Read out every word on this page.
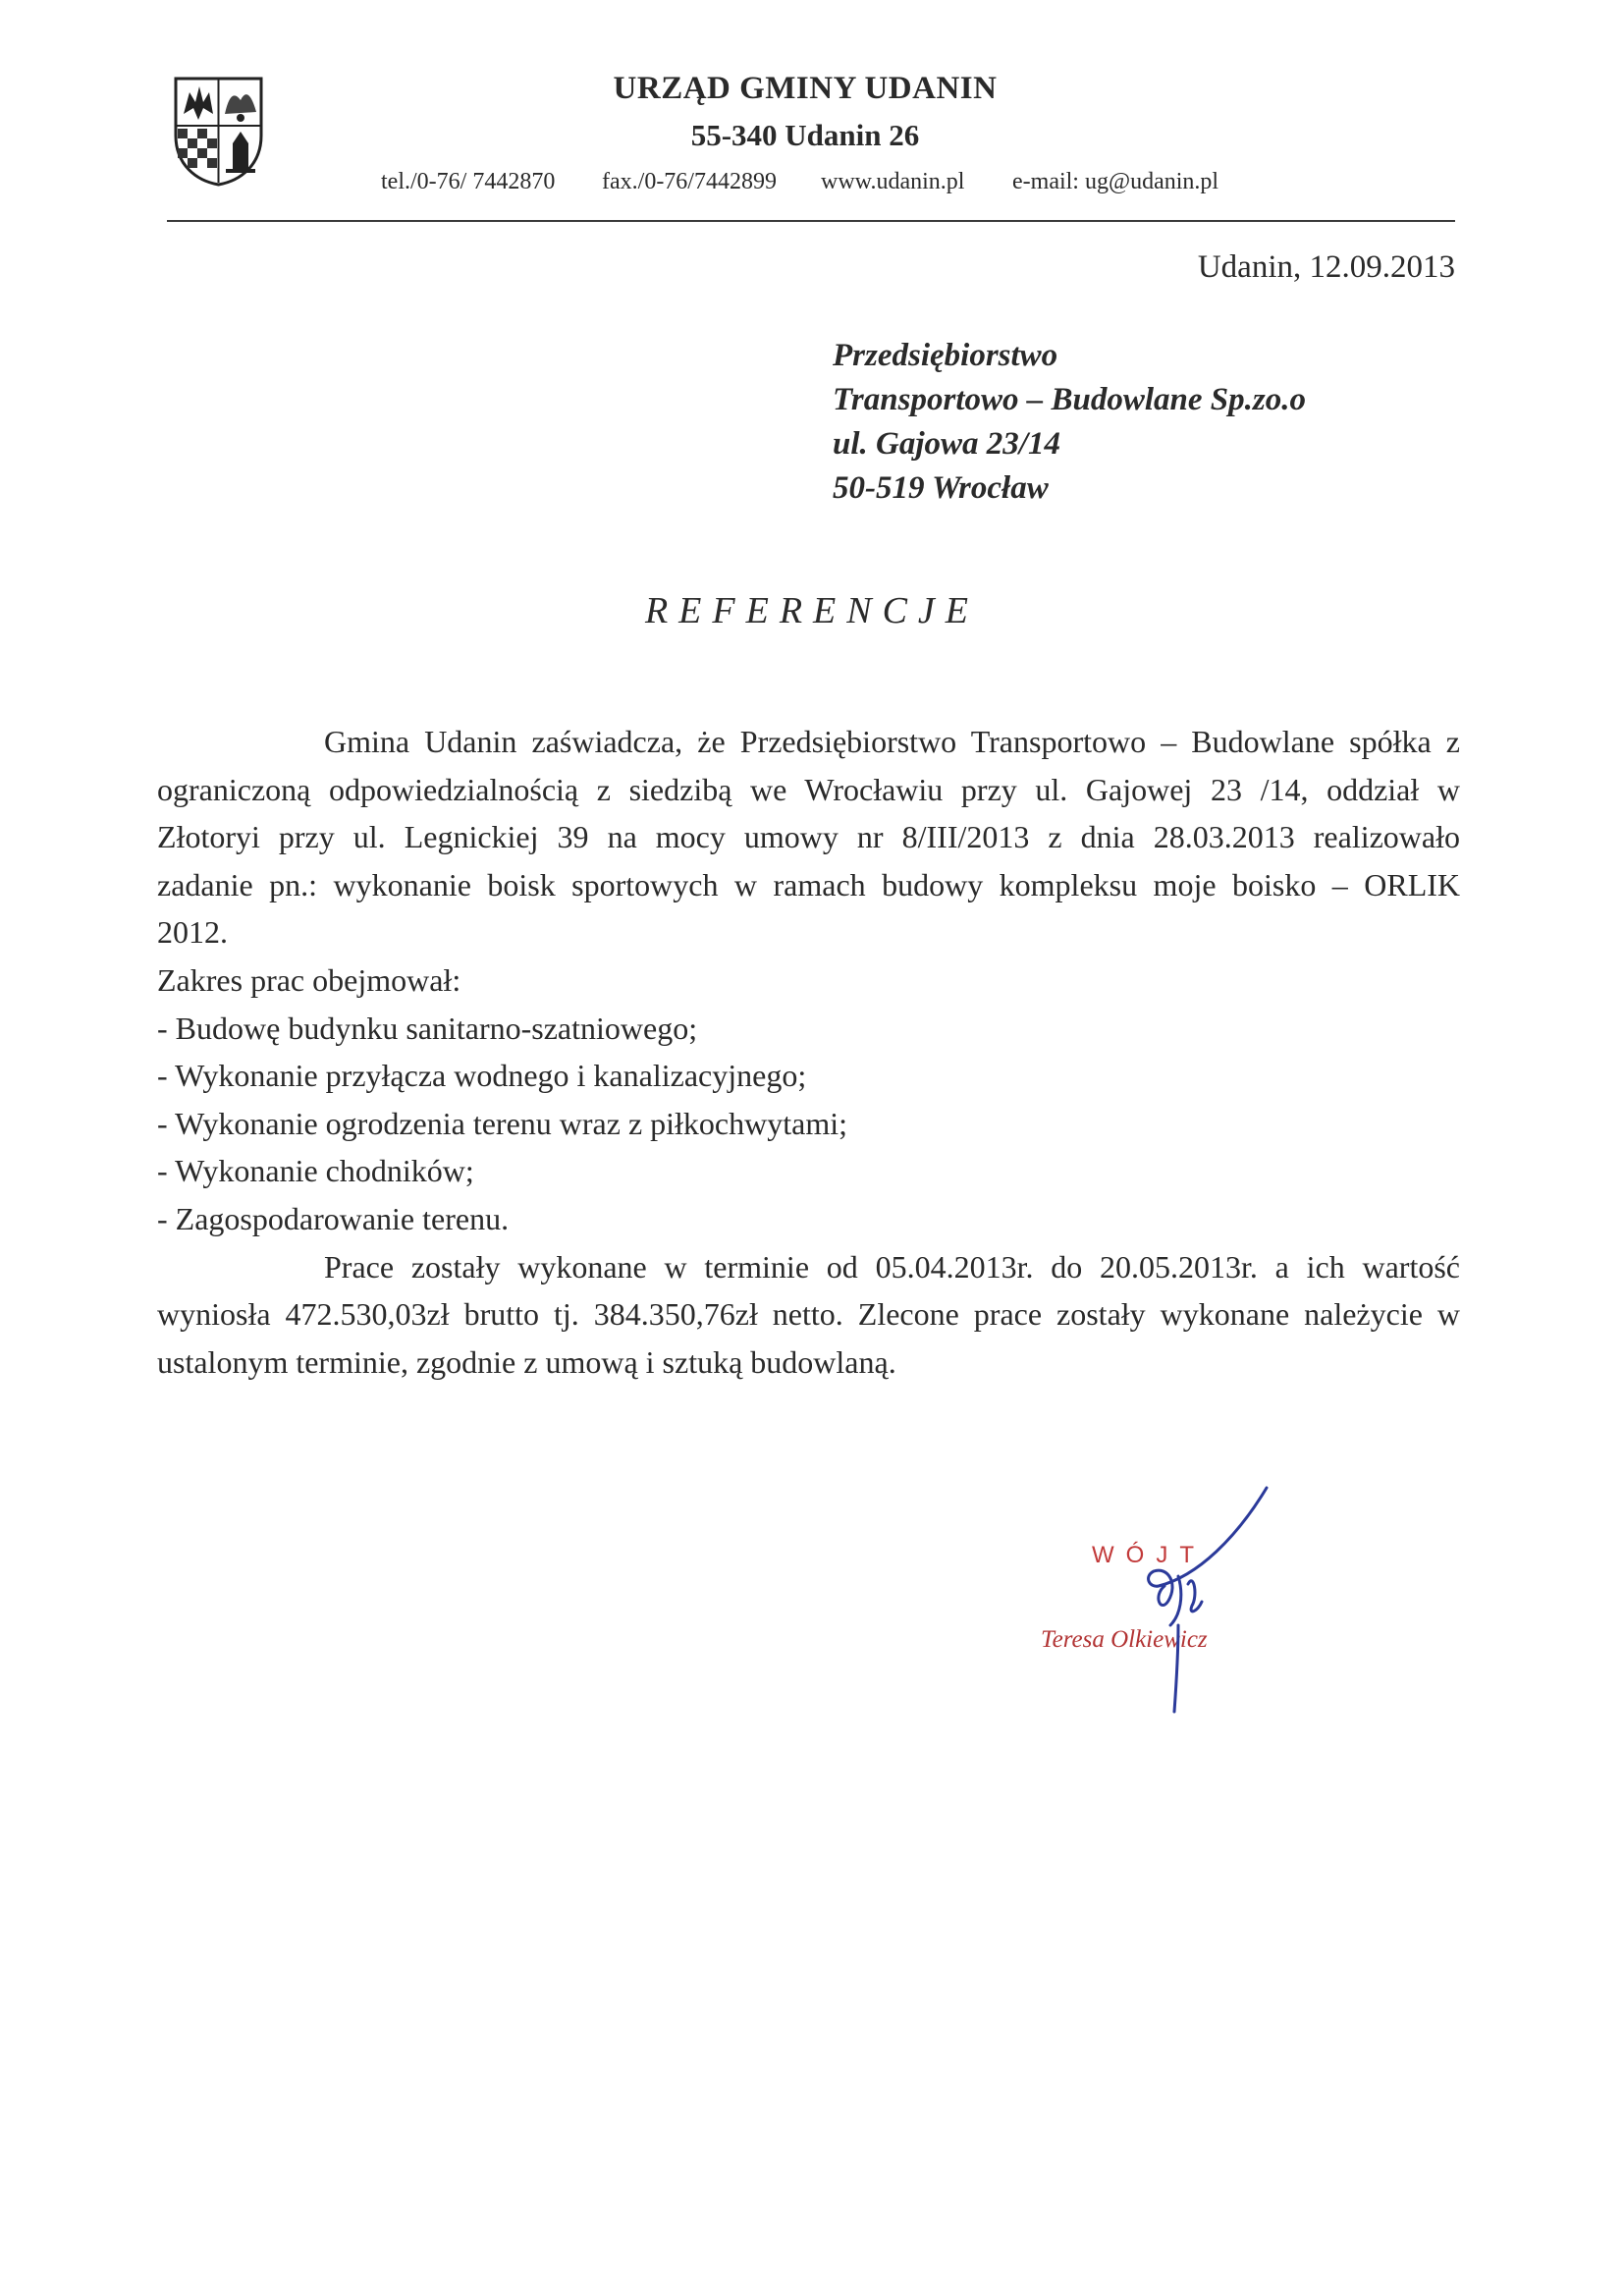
URZĄD GMINY UDANIN
55-340 Udanin 26
tel./0-76/ 7442870 fax./0-76/7442899 www.udanin.pl e-mail: ug@udanin.pl
Udanin, 12.09.2013
Przedsiębiorstwo
Transportowo – Budowlane Sp.zo.o
ul. Gajowa 23/14
50-519 Wrocław
REFERENCJE

Gmina Udanin zaświadcza, że Przedsiębiorstwo Transportowo – Budowlane spółka z

ograniczoną odpowiedzialnością z siedzibą we Wrocławiu przy ul. Gajowej 23 /14, oddział w

Złotoryi przy ul. Legnickiej 39 na mocy umowy nr 8/III/2013 z dnia 28.03.2013 realizowało

zadanie pn.: wykonanie boisk sportowych w ramach budowy kompleksu moje boisko – ORLIK

2012.

Zakres prac obejmował:

- Budowę budynku sanitarno-szatniowego;

- Wykonanie przyłącza wodnego i kanalizacyjnego;

- Wykonanie ogrodzenia terenu wraz z piłkochwytami;

- Wykonanie chodników;

- Zagospodarowanie terenu.

Prace zostały wykonane w terminie od 05.04.2013r. do 20.05.2013r. a ich wartość

wyniosła 472.530,03zł brutto tj. 384.350,76zł netto. Zlecone prace zostały wykonane należycie w

ustalonym terminie, zgodnie z umową i sztuką budowlaną.

WÓJT
Teresa Olkiewicz
